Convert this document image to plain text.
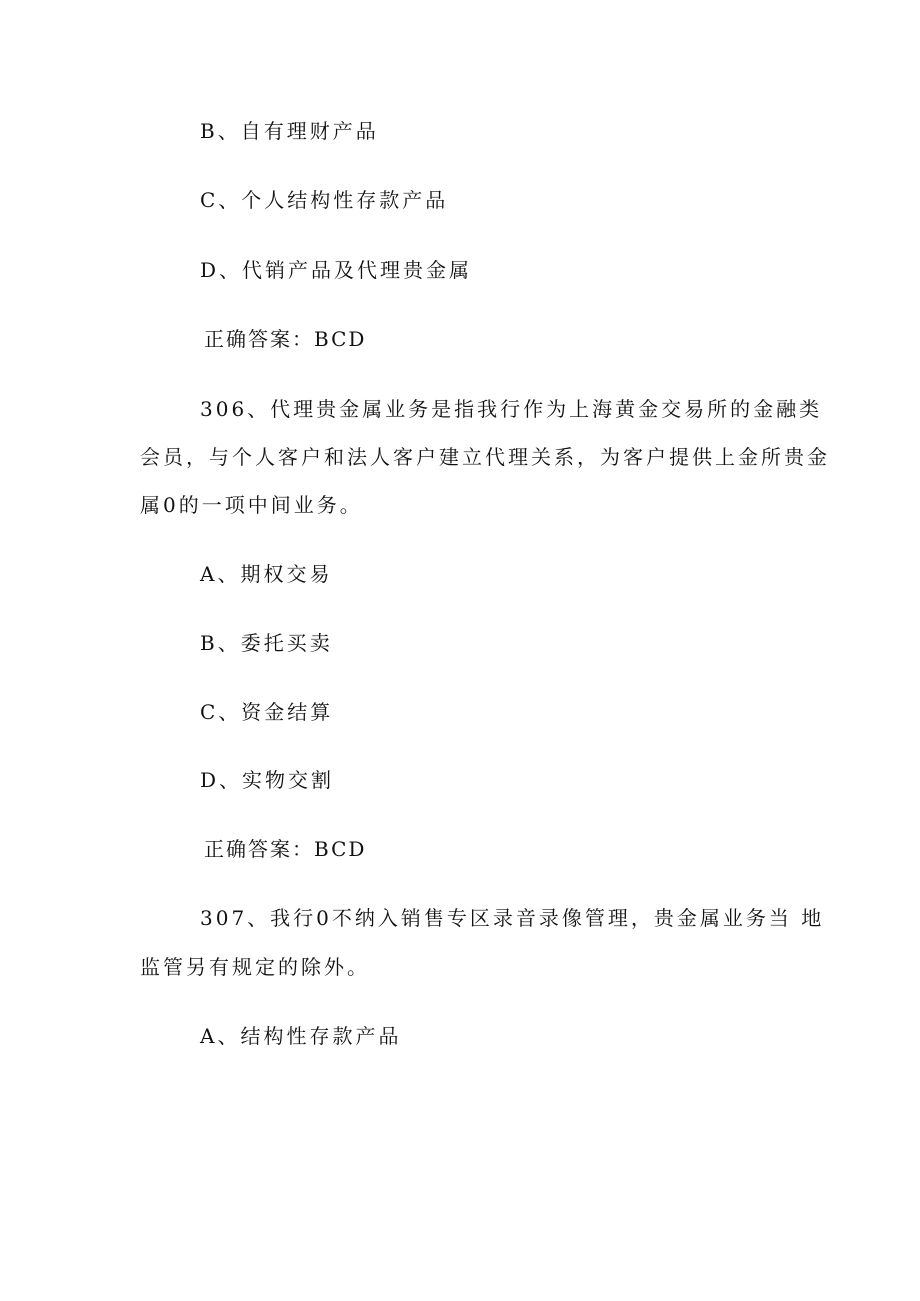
B、自有理财产品
C、个人结构性存款产品
D、代销产品及代理贵金属
正确答案：BCD
306、代理贵金属业务是指我行作为上海黄金交易所的金融类
会员，与个人客户和法人客户建立代理关系，为客户提供上金所贵金
属0的一项中间业务。
A、期权交易
B、委托买卖
C、资金结算
D、实物交割
正确答案：BCD
307、我行0不纳入销售专区录音录像管理，贵金属业务当 地
监管另有规定的除外。
A、结构性存款产品
